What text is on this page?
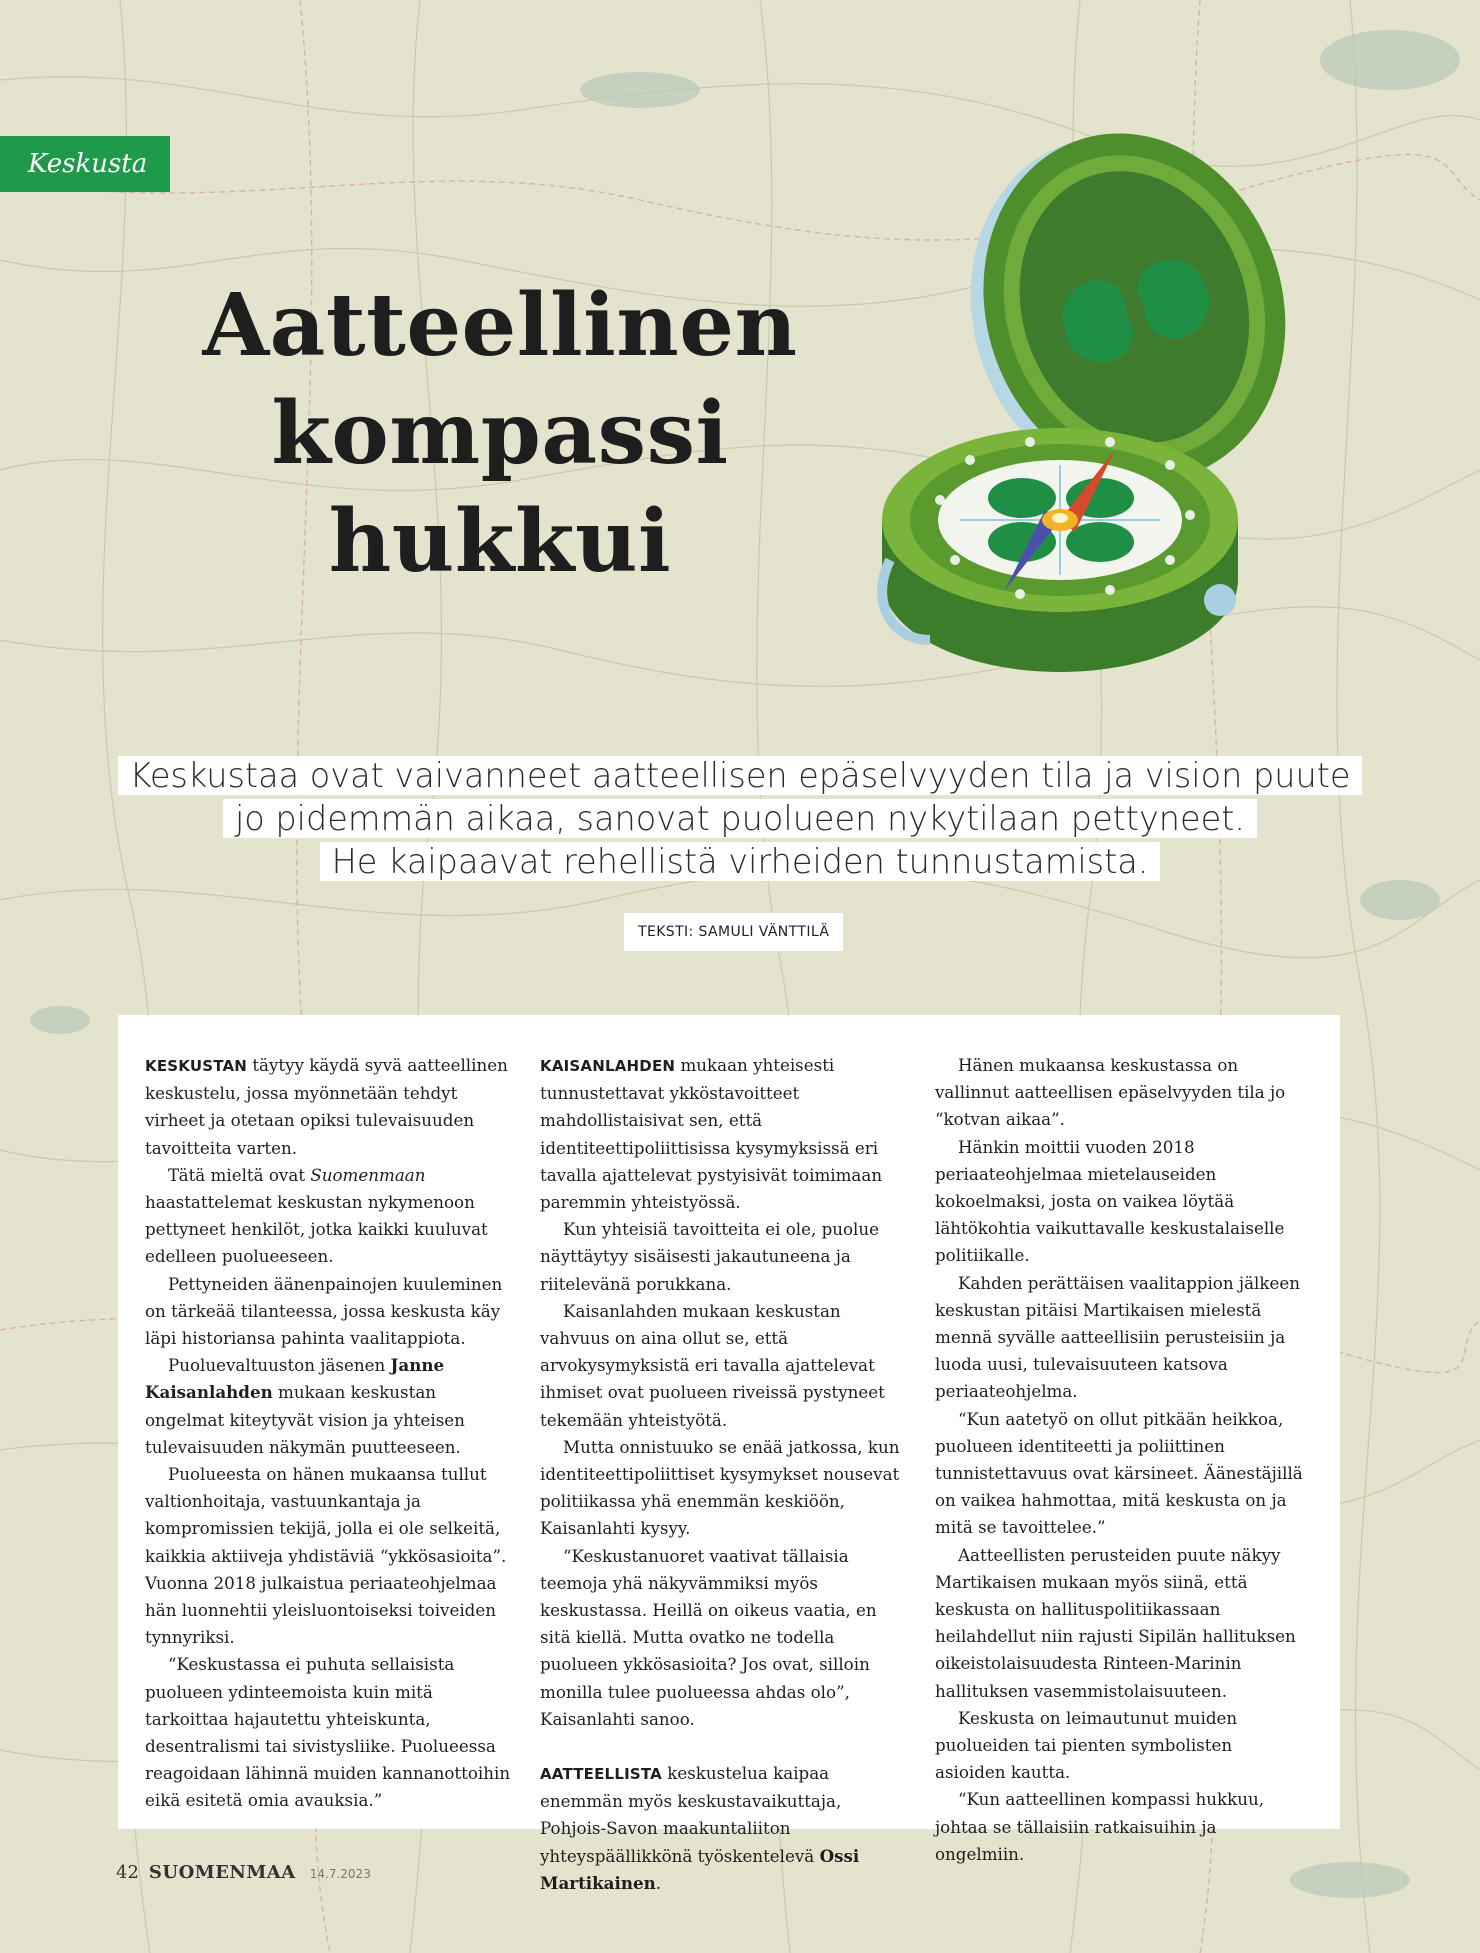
Keskusta
Aatteellinen
kompassi
hukkui
Keskustaa ovat vaivanneet aatteellisen epäselvyyden tila ja vision puute
jo pidemmän aikaa, sanovat puolueen nykytilaan pettyneet.
He kaipaavat rehellistä virheiden tunnustamista.
TEKSTI: SAMULI VÄNTTILÄ

KESKUSTAN täytyy käydä syvä aatteellinen keskustelu, jossa myönnetään tehdyt virheet ja otetaan opiksi tulevaisuuden tavoitteita varten.

Tätä mieltä ovat Suomenmaan haastattelemat keskustan nykymenoon pettyneet henkilöt, jotka kaikki kuuluvat edelleen puolueeseen.

Pettyneiden äänenpainojen kuuleminen on tärkeää tilanteessa, jossa keskusta käy läpi historiansa pahinta vaalitappiota.

Puoluevaltuuston jäsenen Janne Kaisanlahden mukaan keskustan ongelmat kiteytyvät vision ja yhteisen tulevaisuuden näkymän puutteeseen.

Puolueesta on hänen mukaansa tullut valtionhoitaja, vastuunkantaja ja kompromissien tekijä, jolla ei ole selkeitä, kaikkia aktiiveja yhdistäviä “ykkösasioita”. Vuonna 2018 julkaistua periaateohjelmaa hän luonnehtii yleisluontoiseksi toiveiden tynnyriksi.

“Keskustassa ei puhuta sellaisista puolueen ydinteemoista kuin mitä tarkoittaa hajautettu yhteiskunta, desentralismi tai sivistysliike. Puolueessa reagoidaan lähinnä muiden kannanottoihin eikä esitetä omia avauksia.”

KAISANLAHDEN mukaan yhteisesti tunnustettavat ykköstavoitteet mahdollistaisivat sen, että identiteettipoliittisissa kysymyksissä eri tavalla ajattelevat pystyisivät toimimaan paremmin yhteistyössä.

Kun yhteisiä tavoitteita ei ole, puolue näyttäytyy sisäisesti jakautuneena ja riitelevänä porukkana.

Kaisanlahden mukaan keskustan vahvuus on aina ollut se, että arvokysymyksistä eri tavalla ajattelevat ihmiset ovat puolueen riveissä pystyneet tekemään yhteistyötä.

Mutta onnistuuko se enää jatkossa, kun identiteettipoliittiset kysymykset nousevat politiikassa yhä enemmän keskiöön, Kaisanlahti kysyy.

“Keskustanuoret vaativat tällaisia teemoja yhä näkyvämmiksi myös keskustassa. Heillä on oikeus vaatia, en sitä kiellä. Mutta ovatko ne todella puolueen ykkösasioita? Jos ovat, silloin monilla tulee puolueessa ahdas olo”, Kaisanlahti sanoo.

AATTEELLISTA keskustelua kaipaa enemmän myös keskustavaikuttaja, Pohjois-Savon maakuntaliiton yhteyspäällikkönä työskentelevä Ossi Martikainen.

Hänen mukaansa keskustassa on vallinnut aatteellisen epäselvyyden tila jo “kotvan aikaa”.

Hänkin moittii vuoden 2018 periaateohjelmaa mietelauseiden kokoelmaksi, josta on vaikea löytää lähtökohtia vaikuttavalle keskustalaiselle politiikalle.

Kahden perättäisen vaalitappion jälkeen keskustan pitäisi Martikaisen mielestä mennä syvälle aatteellisiin perusteisiin ja luoda uusi, tulevaisuuteen katsova periaateohjelma.

“Kun aatetyö on ollut pitkään heikkoa, puolueen identiteetti ja poliittinen tunnistettavuus ovat kärsineet. Äänestäjillä on vaikea hahmottaa, mitä keskusta on ja mitä se tavoittelee.”

Aatteellisten perusteiden puute näkyy Martikaisen mukaan myös siinä, että keskusta on hallituspolitiikassaan heilahdellut niin rajusti Sipilän hallituksen oikeistolaisuudesta Rinteen-Marinin hallituksen vasemmistolaisuuteen.

Keskusta on leimautunut muiden puolueiden tai pienten symbolisten asioiden kautta.

“Kun aatteellinen kompassi hukkuu, johtaa se tällaisiin ratkaisuihin ja ongelmiin.

42 SUOMENMAA 14.7.2023
